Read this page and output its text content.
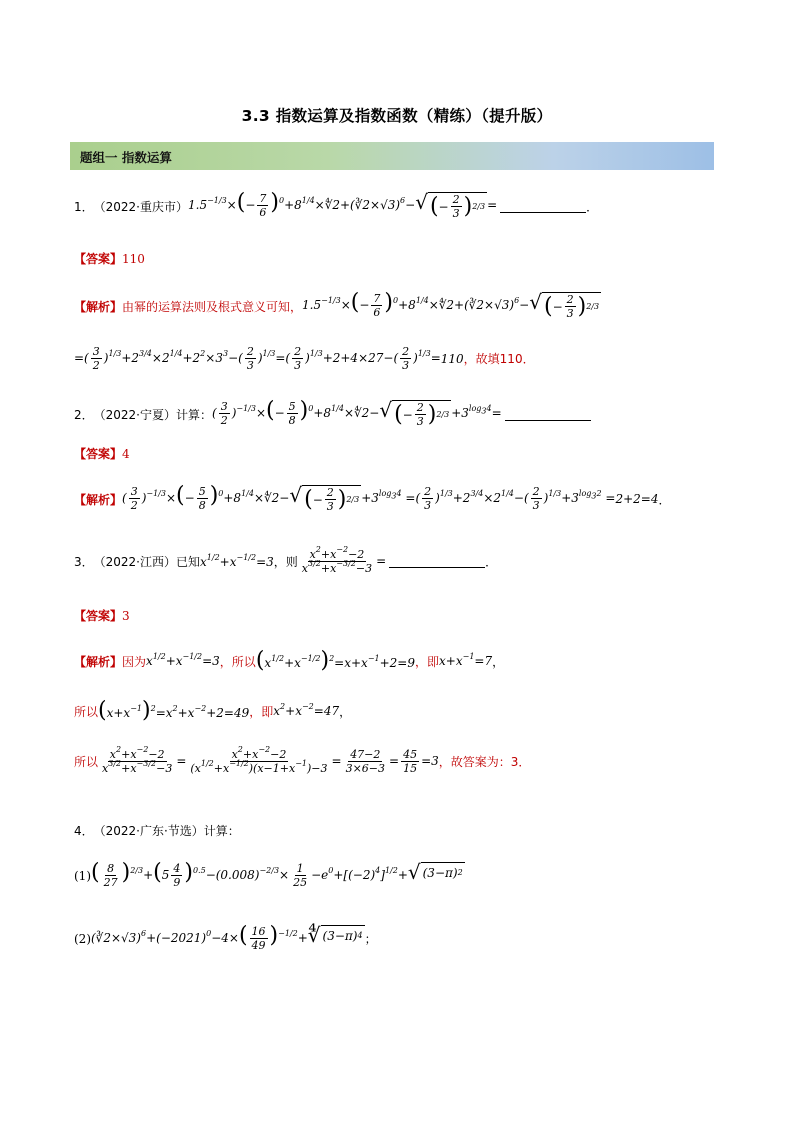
3.3 指数运算及指数函数（精练）（提升版）
题组一 指数运算
1． （2022·重庆市） $1.5^{-1/3}\times(- \frac{7}{6}$ )$^0+8^{1/4}\times∜2+(∛2\times√3)^6-$ √ ( − $\frac{2}{3}$ ) 2/3 =	．
【答案】 110
【解析】 由幂的运算法则及根式意义可知， $1.5^{-1/3}\times(- \frac{7}{6}$ )$^0+8^{1/4}\times∜2+(∛2\times√3)^6-$ √ ( − $\frac{2}{3}$ ) 2/3
=( $\frac{3}{2} )^{1/3}+2^{3/4}\times 2^{1/4}+2^2\times 3^3-( \frac{2}{3} )^{1/3}=( \frac{2}{3} )^{1/3}+2+4\times 27-( \frac{2}{3} )^{1/3}= 110$ ，故填110．
2． （2022·宁夏）计算： ( $\frac{3}{2} )^{-1/3}\times(- \frac{5}{8}$ )$^0+8^{1/4}\times∜2-$ √ ( − $\frac{2}{3}$ ) $2/3 +3^{log_34}=$
【答案】 4
【解析】 ( $\frac{3}{2} )^{-1/3}\times(- \frac{5}{8}$ )$^0+8^{1/4}\times∜2-$ √ ( − $\frac{2}{3}$ ) $2/3 +3^{log_34}$ =( $\frac{2}{3} )^{1/3}+2^{3/4}\times 2^{1/4}-( \frac{2}{3} )^{1/3}+3^{log_32} = 2+2=4$ ．
3． （2022·江西）已知 $x^{1/2}+x^{-1/2}=3$ ，则 $\frac{x^2+x^{-2}-2}{x^{3/2}+x^{-3/2}-3}$ =	．
【答案】 3
【解析】 因为 $x^{1/2}+x^{-1/2}=3$ ，所以 $(x^{1/2}+x^{-1/2})^2=x+x^{-1}+2=9$ ，即 $x+x^{-1}=7$ ，
所以 $(x+x^{-1})^2=x^2+x^{-2}+2=49$ ，即 $x^2+x^{-2}=47$ ，
所以 $\frac{x^2+x^{-2}-2}{x^{3/2}+x^{-3/2}-3} = \frac{x^2+x^{-2}-2}{(x^{1/2}+x^{-1/2})(x-1+x^{-1})-3} = \frac{47-2}{3\times 6-3} = \frac{45}{15} =3$ ，故答案为：3．
4． （2022·广东·节选）计算：
(1) ( $\frac{8}{27} )^{2/3}+(5 \frac{4}{9} )^{0.5}-(0.008)^{-2/3}\times \frac{1}{25} -e^0+[(-2)^4]^{1/2}+$ √ (3−π) 2
(2) $(∛2\times√3)^6+(-2021)^0-4\times( \frac{16}{49} )^{-1/2}+$ ∜ (3−π) 4 ；
